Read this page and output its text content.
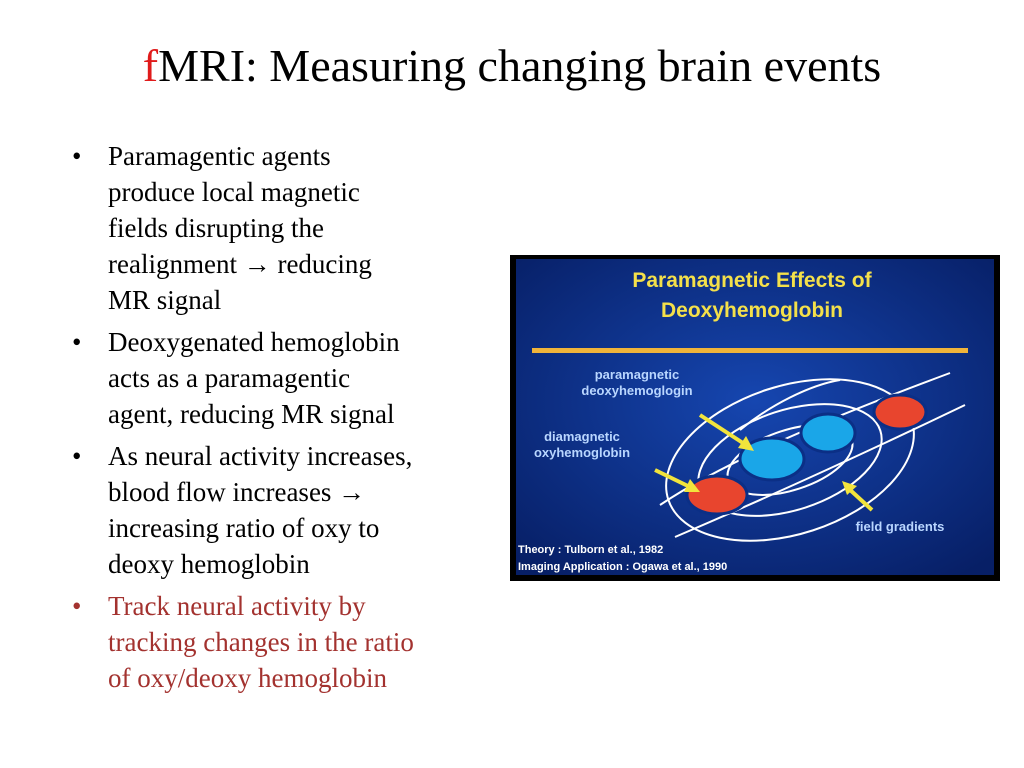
fMRI: Measuring changing brain events
• Paramagentic agents
produce local magnetic
fields disrupting the
realignment → reducing
MR signal
• Deoxygenated hemoglobin
acts as a paramagentic
agent, reducing MR signal
• As neural activity increases,
blood flow increases →
increasing ratio of oxy to
deoxy hemoglobin
• Track neural activity by
tracking changes in the ratio
of oxy/deoxy hemoglobin
Paramagnetic Effects of
Deoxyhemoglobin
paramagnetic
deoxyhemoglogin
diamagnetic
oxyhemoglobin
field gradients
Theory : Tulborn et al., 1982
Imaging Application : Ogawa et al., 1990
